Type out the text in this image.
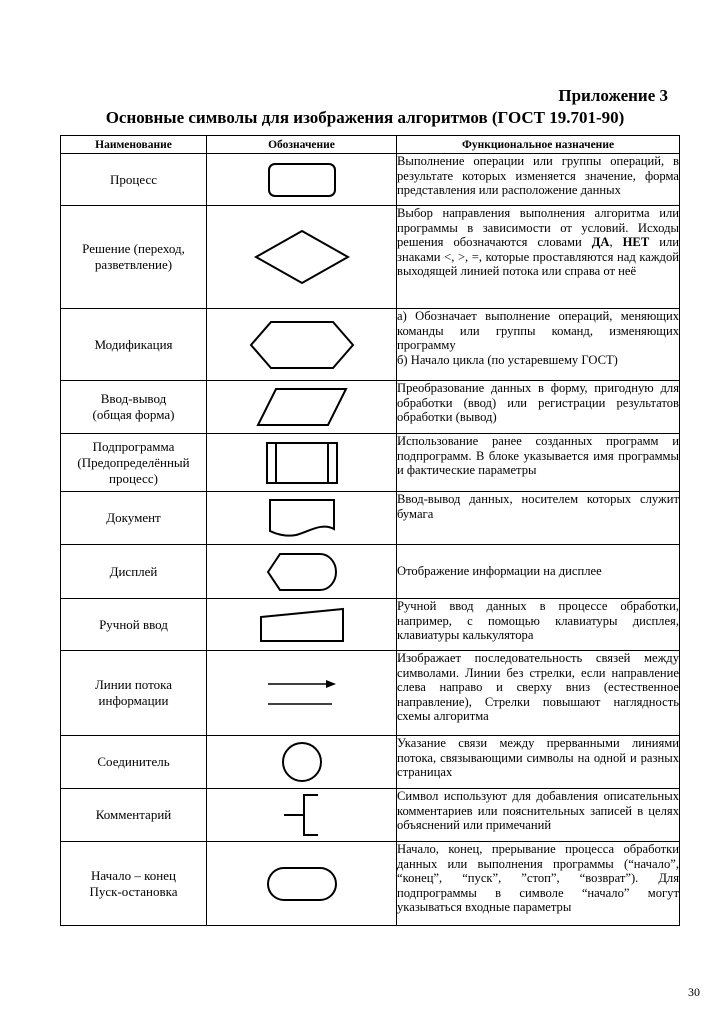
Приложение 3
Основные символы для изображения алгоритмов (ГОСТ 19.701-90)
Наименование	Обозначение	Функциональное назначение
Процесс		Выполнение операции или группы операций, в результате которых изменяется значение, форма представления или расположение данных
Решение (переход, разветвление)		Выбор направления выполнения алгоритма или программы в зависимости от условий. Исходы решения обозначаются словами ДА, НЕТ или знаками <, >, =, которые проставляются над каждой выходящей линией потока или справа от неё
Модификация		а) Обозначает выполнение операций, меняющих команды или группы команд, изменяющих программу
б) Начало цикла (по устаревшему ГОСТ)

Ввод-вывод
(общая форма)		Преобразование данных в форму, пригодную для обработки (ввод) или регистрации результатов обработки (вывод)

Подпрограмма
(Предопределённый
процесс)		Использование ранее созданных программ и подпрограмм. В блоке указывается имя программы и фактические параметры
Документ		Ввод-вывод данных, носителем которых служит бумага
Дисплей		Отображение информации на дисплее
Ручной ввод		Ручной ввод данных в процессе обработки, например, с помощью клавиатуры дисплея, клавиатуры калькулятора

Линии потока
информации		Изображает последовательность связей между символами. Линии без стрелки, если направление слева направо и сверху вниз (естественное направление), Стрелки повышают наглядность схемы алгоритма
Соединитель		Указание связи между прерванными линиями потока, связывающими символы на одной и разных страницах
Комментарий		Символ используют для добавления описательных комментариев или пояснительных записей в целях объяснений или примечаний

Начало – конец
Пуск-остановка		Начало, конец, прерывание процесса обработки данных или выполнения программы (“начало”, “конец”, “пуск”, ”стоп”, “возврат”). Для подпрограммы в символе “начало” могут указываться входные параметры
30
